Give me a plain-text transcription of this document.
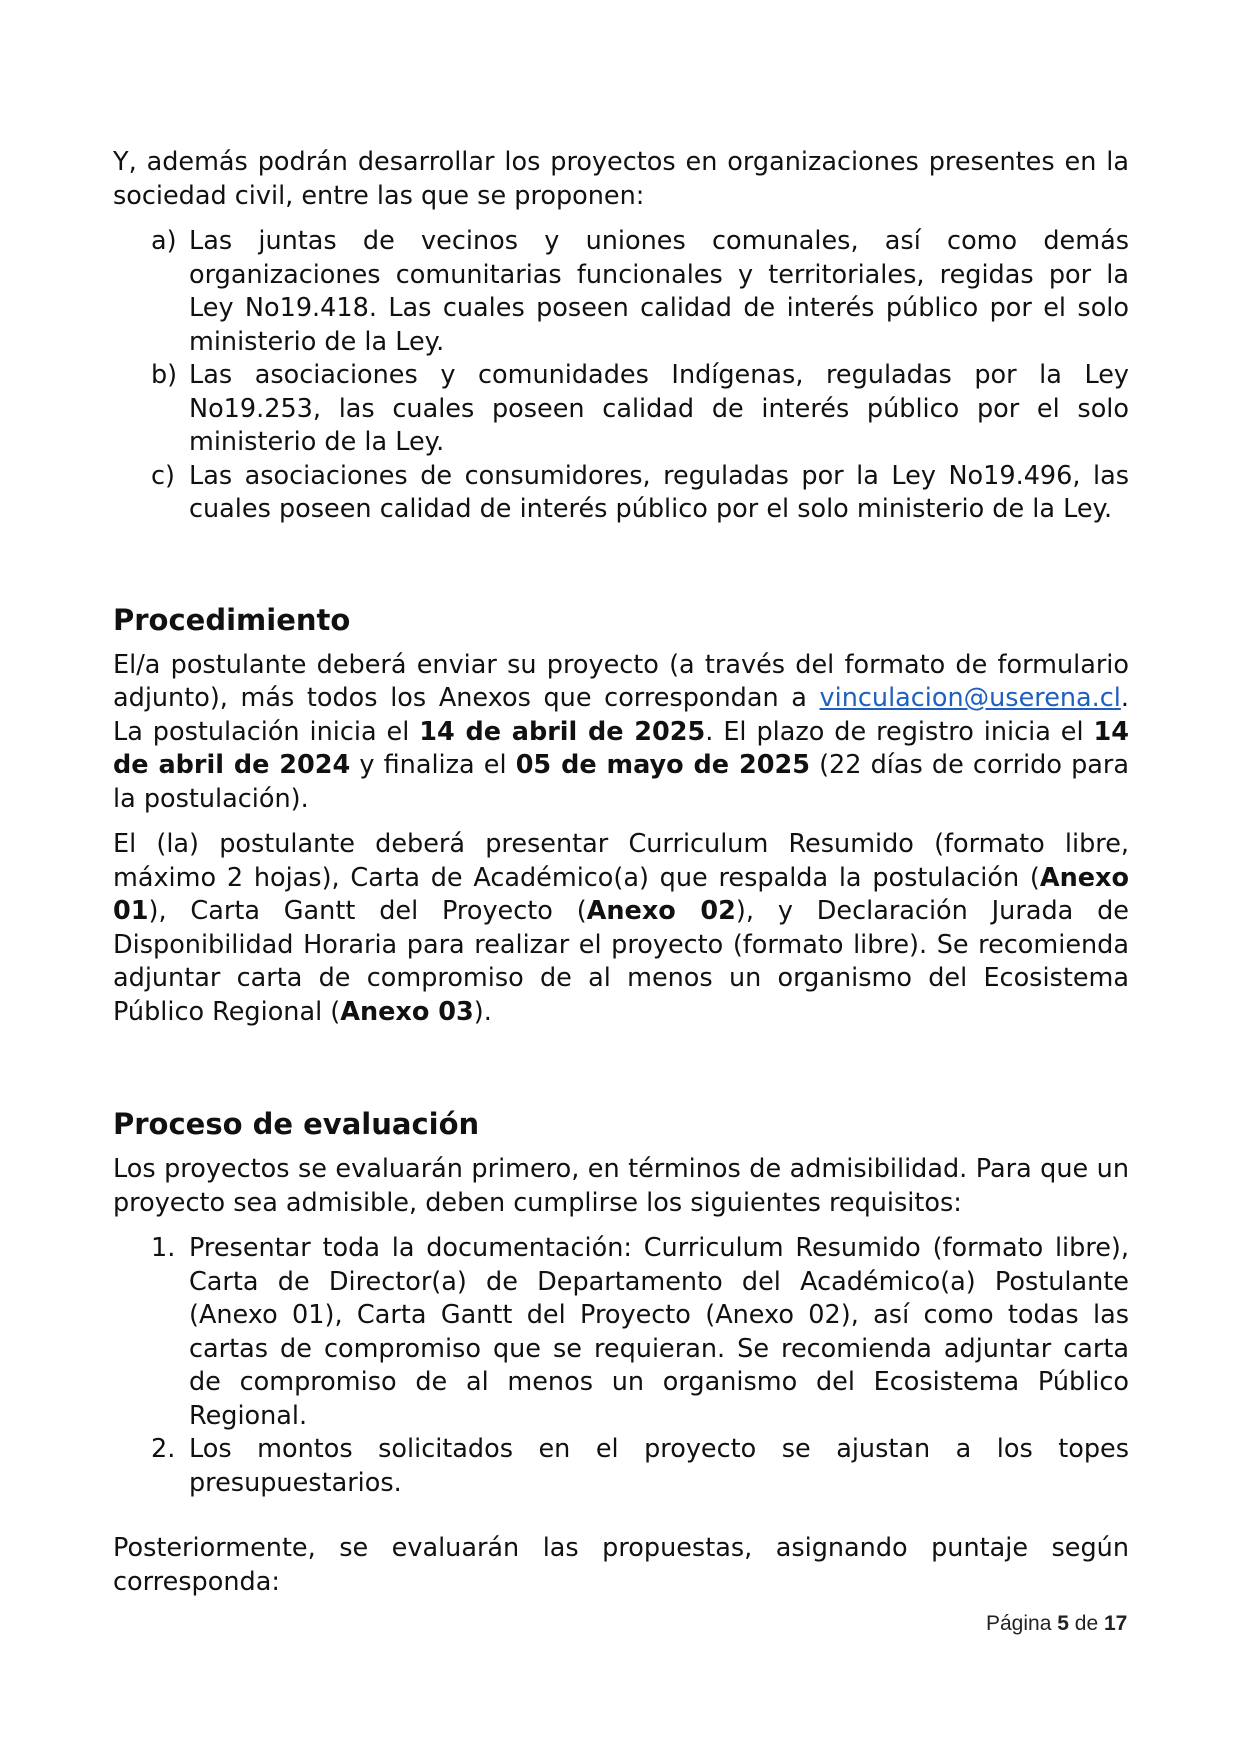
Y, además podrán desarrollar los proyectos en organizaciones presentes en la sociedad civil, entre las que se proponen:

a) Las juntas de vecinos y uniones comunales, así como demás organizaciones comunitarias funcionales y territoriales, regidas por la Ley No19.418. Las cuales poseen calidad de interés público por el solo ministerio de la Ley.
b) Las asociaciones y comunidades Indígenas, reguladas por la Ley No19.253, las cuales poseen calidad de interés público por el solo ministerio de la Ley.
c) Las asociaciones de consumidores, reguladas por la Ley No19.496, las cuales poseen calidad de interés público por el solo ministerio de la Ley.
Procedimiento

El/a postulante deberá enviar su proyecto (a través del formato de formulario adjunto), más todos los Anexos que correspondan a vinculacion@userena.cl. La postulación inicia el 14 de abril de 2025. El plazo de registro inicia el 14 de abril de 2024 y finaliza el 05 de mayo de 2025 (22 días de corrido para la postulación).

El (la) postulante deberá presentar Curriculum Resumido (formato libre, máximo 2 hojas), Carta de Académico(a) que respalda la postulación (Anexo 01), Carta Gantt del Proyecto (Anexo 02), y Declaración Jurada de Disponibilidad Horaria para realizar el proyecto (formato libre). Se recomienda adjuntar carta de compromiso de al menos un organismo del Ecosistema Público Regional (Anexo 03).

Proceso de evaluación

Los proyectos se evaluarán primero, en términos de admisibilidad. Para que un proyecto sea admisible, deben cumplirse los siguientes requisitos:

1. Presentar toda la documentación: Curriculum Resumido (formato libre), Carta de Director(a) de Departamento del Académico(a) Postulante (Anexo 01), Carta Gantt del Proyecto (Anexo 02), así como todas las cartas de compromiso que se requieran. Se recomienda adjuntar carta de compromiso de al menos un organismo del Ecosistema Público Regional.
2. Los montos solicitados en el proyecto se ajustan a los topes presupuestarios.

Posteriormente, se evaluarán las propuestas, asignando puntaje según corresponda:

Página 5 de 17
